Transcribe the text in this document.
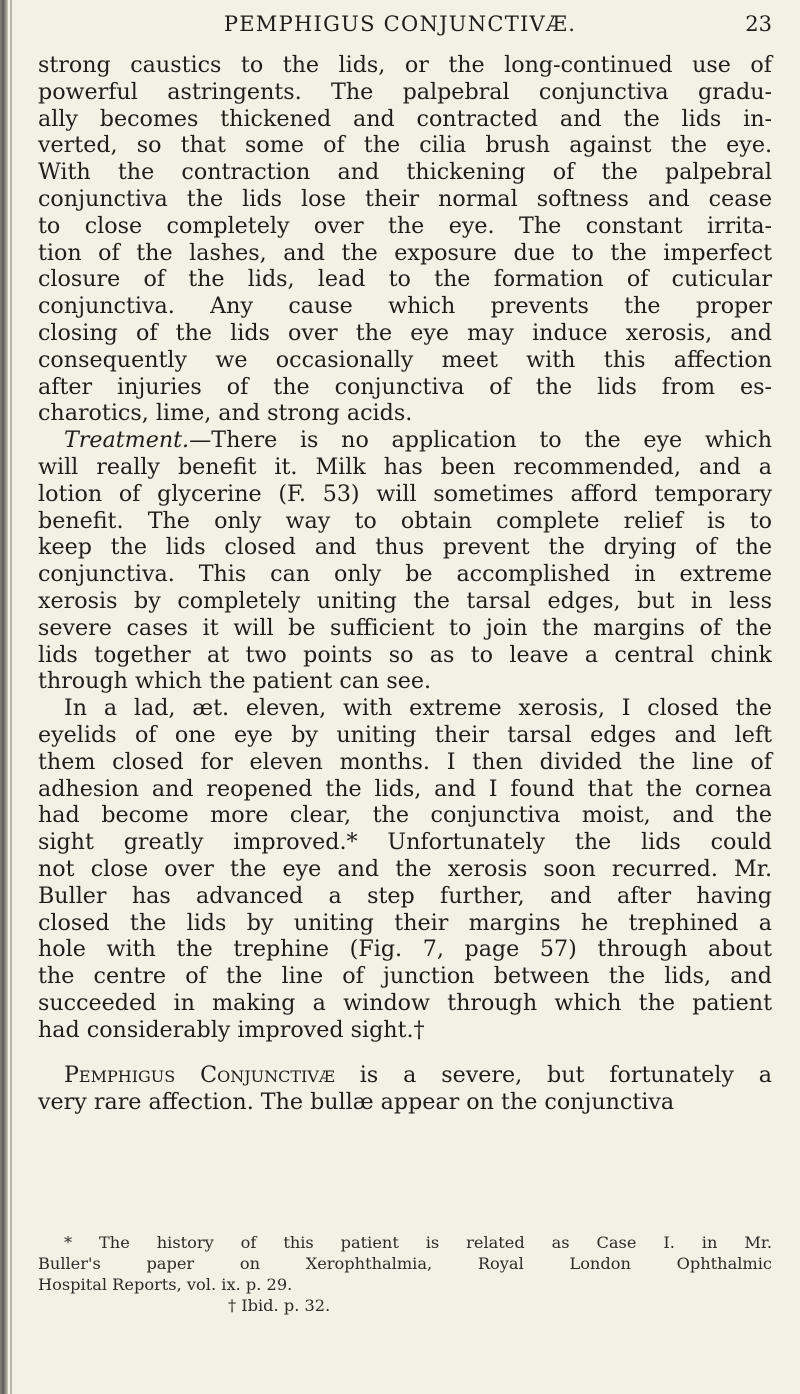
PEMPHIGUS CONJUNCTIVÆ.	23
strong caustics to the lids, or the long-continued use of
powerful astringents. The palpebral conjunctiva gradu-
ally becomes thickened and contracted and the lids in-
verted, so that some of the cilia brush against the eye.
With the contraction and thickening of the palpebral
conjunctiva the lids lose their normal softness and cease
to close completely over the eye. The constant irrita-
tion of the lashes, and the exposure due to the imperfect
closure of the lids, lead to the formation of cuticular
conjunctiva. Any cause which prevents the proper
closing of the lids over the eye may induce xerosis, and
consequently we occasionally meet with this affection
after injuries of the conjunctiva of the lids from es-
charotics, lime, and strong acids.
Treatment.—There is no application to the eye which
will really benefit it. Milk has been recommended, and a
lotion of glycerine (F. 53) will sometimes afford temporary
benefit. The only way to obtain complete relief is to
keep the lids closed and thus prevent the drying of the
conjunctiva. This can only be accomplished in extreme
xerosis by completely uniting the tarsal edges, but in less
severe cases it will be sufficient to join the margins of the
lids together at two points so as to leave a central chink
through which the patient can see.
In a lad, æt. eleven, with extreme xerosis, I closed the
eyelids of one eye by uniting their tarsal edges and left
them closed for eleven months. I then divided the line of
adhesion and reopened the lids, and I found that the cornea
had become more clear, the conjunctiva moist, and the
sight greatly improved.* Unfortunately the lids could
not close over the eye and the xerosis soon recurred. Mr.
Buller has advanced a step further, and after having
closed the lids by uniting their margins he trephined a
hole with the trephine (Fig. 7, page 57) through about
the centre of the line of junction between the lids, and
succeeded in making a window through which the patient
had considerably improved sight.†
Pemphigus Conjunctivæ is a severe, but fortunately a
very rare affection. The bullæ appear on the conjunctiva
* The history of this patient is related as Case I. in Mr.
Buller's paper on Xerophthalmia, Royal London Ophthalmic
Hospital Reports, vol. ix. p. 29.
† Ibid. p. 32.
